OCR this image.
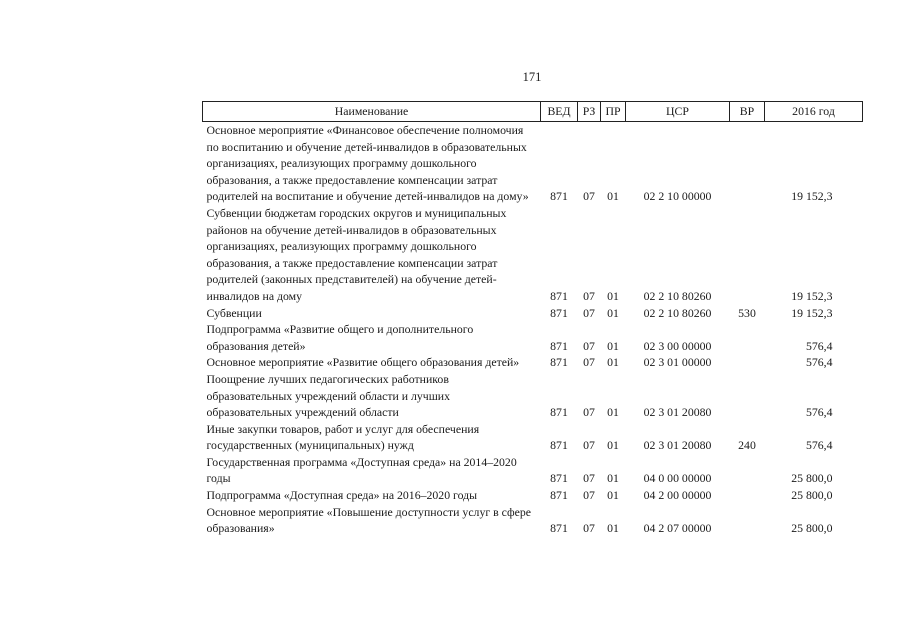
171
Наименование	ВЕД	РЗ	ПР	ЦСР	ВР	2016 год
Основное мероприятие «Финансовое обеспечение полномочия по воспитанию и обучение детей-инвалидов в образовательных организациях, реализующих программу дошкольного образования, а также предоставление компенсации затрат родителей на воспитание и обучение детей-инвалидов на дому»	871	07	01	02 2 10 00000		19 152,3
Субвенции бюджетам городских округов и муниципальных районов на обучение детей-инвалидов в образовательных организациях, реализующих программу дошкольного образования, а также предоставление компенсации затрат родителей (законных представителей) на обучение детей-инвалидов на дому	871	07	01	02 2 10 80260		19 152,3
Субвенции	871	07	01	02 2 10 80260	530	19 152,3
Подпрограмма «Развитие общего и дополнительного образования детей»	871	07	01	02 3 00 00000		576,4
Основное мероприятие «Развитие общего образования детей»	871	07	01	02 3 01 00000		576,4
Поощрение лучших педагогических работников образовательных учреждений области и лучших образовательных учреждений области	871	07	01	02 3 01 20080		576,4
Иные закупки товаров, работ и услуг для обеспечения государственных (муниципальных) нужд	871	07	01	02 3 01 20080	240	576,4
Государственная программа «Доступная среда» на 2014–2020 годы	871	07	01	04 0 00 00000		25 800,0
Подпрограмма «Доступная среда» на 2016–2020 годы	871	07	01	04 2 00 00000		25 800,0
Основное мероприятие «Повышение доступности услуг в сфере образования»	871	07	01	04 2 07 00000		25 800,0
